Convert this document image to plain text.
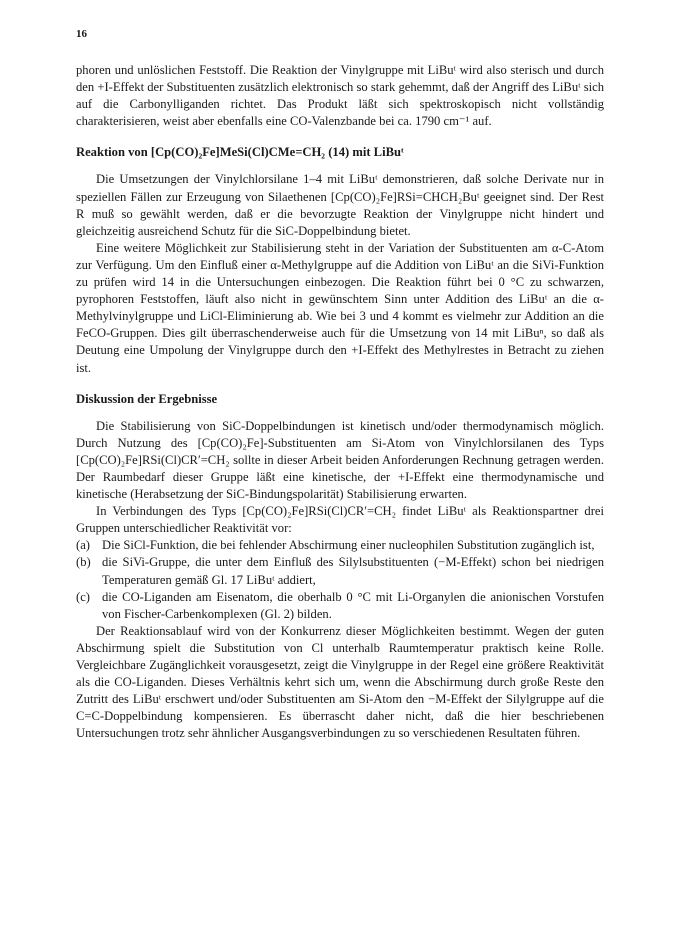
16

phoren und unlöslichen Feststoff. Die Reaktion der Vinylgruppe mit LiBuᵗ wird also sterisch und durch den +I-Effekt der Substituenten zusätzlich elektronisch so stark gehemmt, daß der Angriff des LiBuᵗ sich auf die Carbonylliganden richtet. Das Produkt läßt sich spektroskopisch nicht vollständig charakterisieren, weist aber ebenfalls eine CO-Valenzbande bei ca. 1790 cm⁻¹ auf.

Reaktion von [Cp(CO)₂Fe]MeSi(Cl)CMe=CH₂ (14) mit LiBuᵗ

Die Umsetzungen der Vinylchlorsilane 1–4 mit LiBuᵗ demonstrieren, daß solche Derivate nur in speziellen Fällen zur Erzeugung von Silaethenen [Cp(CO)₂Fe]RSi=CHCH₂Buᵗ geeignet sind. Der Rest R muß so gewählt werden, daß er die bevorzugte Reaktion der Vinylgruppe nicht hindert und gleichzeitig ausreichend Schutz für die SiC-Doppelbindung bietet.

Eine weitere Möglichkeit zur Stabilisierung steht in der Variation der Substituenten am α-C-Atom zur Verfügung. Um den Einfluß einer α-Methylgruppe auf die Addition von LiBuᵗ an die SiVi-Funktion zu prüfen wird 14 in die Untersuchungen einbezogen. Die Reaktion führt bei 0 °C zu schwarzen, pyrophoren Feststoffen, läuft also nicht in gewünschtem Sinn unter Addition des LiBuᵗ an die α-Methylvinylgruppe und LiCl-Eliminierung ab. Wie bei 3 und 4 kommt es vielmehr zur Addition an die FeCO-Gruppen. Dies gilt überraschenderweise auch für die Umsetzung von 14 mit LiBuⁿ, so daß als Deutung eine Umpolung der Vinylgruppe durch den +I-Effekt des Methylrestes in Betracht zu ziehen ist.

Diskussion der Ergebnisse

Die Stabilisierung von SiC-Doppelbindungen ist kinetisch und/oder thermodynamisch möglich. Durch Nutzung des [Cp(CO)₂Fe]-Substituenten am Si-Atom von Vinylchlorsilanen des Typs [Cp(CO)₂Fe]RSi(Cl)CR′=CH₂ sollte in dieser Arbeit beiden Anforderungen Rechnung getragen werden. Der Raumbedarf dieser Gruppe läßt eine kinetische, der +I-Effekt eine thermodynamische und kinetische (Herabsetzung der SiC-Bindungspolarität) Stabilisierung erwarten.

In Verbindungen des Typs [Cp(CO)₂Fe]RSi(Cl)CR′=CH₂ findet LiBuᵗ als Reaktionspartner drei Gruppen unterschiedlicher Reaktivität vor:

(a) Die SiCl-Funktion, die bei fehlender Abschirmung einer nucleophilen Substitution zugänglich ist,
(b) die SiVi-Gruppe, die unter dem Einfluß des Silylsubstituenten (−M-Effekt) schon bei niedrigen Temperaturen gemäß Gl. 17 LiBuᵗ addiert,
(c) die CO-Liganden am Eisenatom, die oberhalb 0 °C mit Li-Organylen die anionischen Vorstufen von Fischer-Carbenkomplexen (Gl. 2) bilden.

Der Reaktionsablauf wird von der Konkurrenz dieser Möglichkeiten bestimmt. Wegen der guten Abschirmung spielt die Substitution von Cl unterhalb Raumtemperatur praktisch keine Rolle. Vergleichbare Zugänglichkeit vorausgesetzt, zeigt die Vinylgruppe in der Regel eine größere Reaktivität als die CO-Liganden. Dieses Verhältnis kehrt sich um, wenn die Abschirmung durch große Reste den Zutritt des LiBuᵗ erschwert und/oder Substituenten am Si-Atom den −M-Effekt der Silylgruppe auf die C=C-Doppelbindung kompensieren. Es überrascht daher nicht, daß die hier beschriebenen Untersuchungen trotz sehr ähnlicher Ausgangsverbindungen zu so verschiedenen Resultaten führen.
